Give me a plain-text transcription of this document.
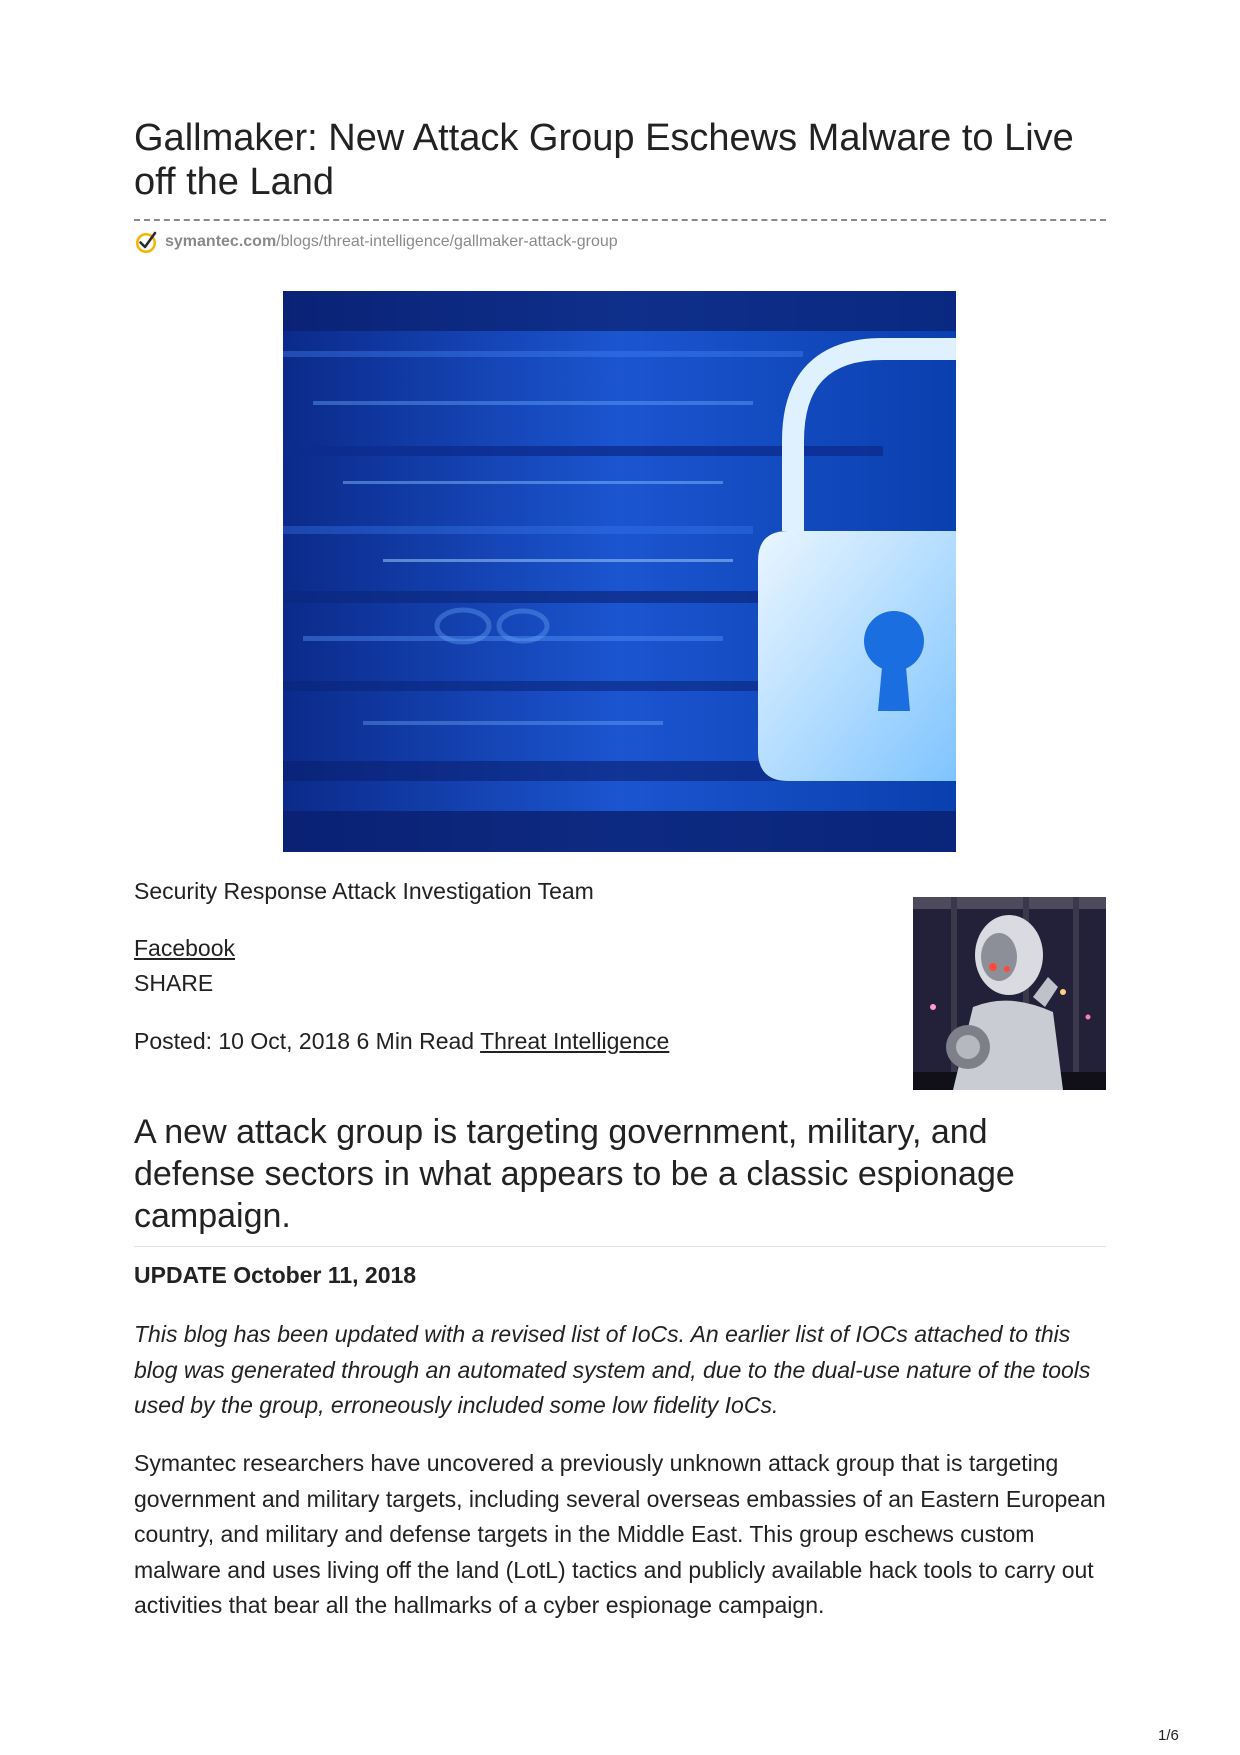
Gallmaker: New Attack Group Eschews Malware to Live off the Land
symantec.com /blogs/threat-intelligence/gallmaker-attack-group
Security Response Attack Investigation Team
Facebook
SHARE
Posted: 10 Oct, 2018 6 Min Read Threat Intelligence
A new attack group is targeting government, military, and defense sectors in what appears to be a classic espionage campaign.
UPDATE October 11, 2018

This blog has been updated with a revised list of IoCs. An earlier list of IOCs attached to this blog was generated through an automated system and, due to the dual-use nature of the tools used by the group, erroneously included some low fidelity IoCs.

Symantec researchers have uncovered a previously unknown attack group that is targeting government and military targets, including several overseas embassies of an Eastern European country, and military and defense targets in the Middle East. This group eschews custom malware and uses living off the land (LotL) tactics and publicly available hack tools to carry out activities that bear all the hallmarks of a cyber espionage campaign.

1/6
